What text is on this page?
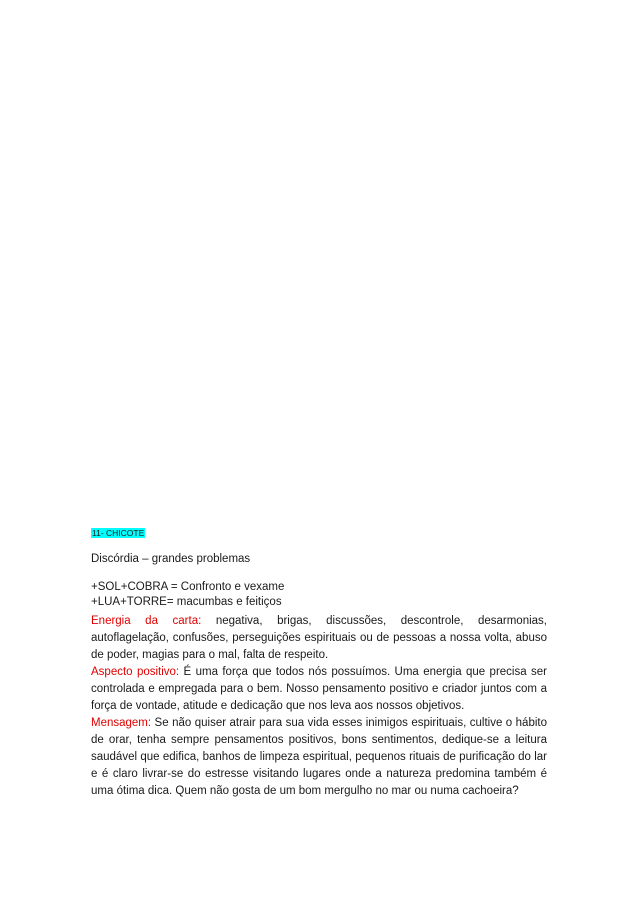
11- CHICOTE

Discórdia – grandes problemas

+SOL+COBRA = Confronto e vexame

+LUA+TORRE= macumbas e feitiços

Energia da carta: negativa, brigas, discussões, descontrole, desarmonias, autoflagelação, confusões, perseguições espirituais ou de pessoas a nossa volta, abuso de poder, magias para o mal, falta de respeito.

Aspecto positivo: É uma força que todos nós possuímos. Uma energia que precisa ser controlada e empregada para o bem. Nosso pensamento positivo e criador juntos com a força de vontade, atitude e dedicação que nos leva aos nossos objetivos.

Mensagem: Se não quiser atrair para sua vida esses inimigos espirituais, cultive o hábito de orar, tenha sempre pensamentos positivos, bons sentimentos, dedique-se a leitura saudável que edifica, banhos de limpeza espiritual, pequenos rituais de purificação do lar e é claro livrar-se do estresse visitando lugares onde a natureza predomina também é uma ótima dica. Quem não gosta de um bom mergulho no mar ou numa cachoeira?
